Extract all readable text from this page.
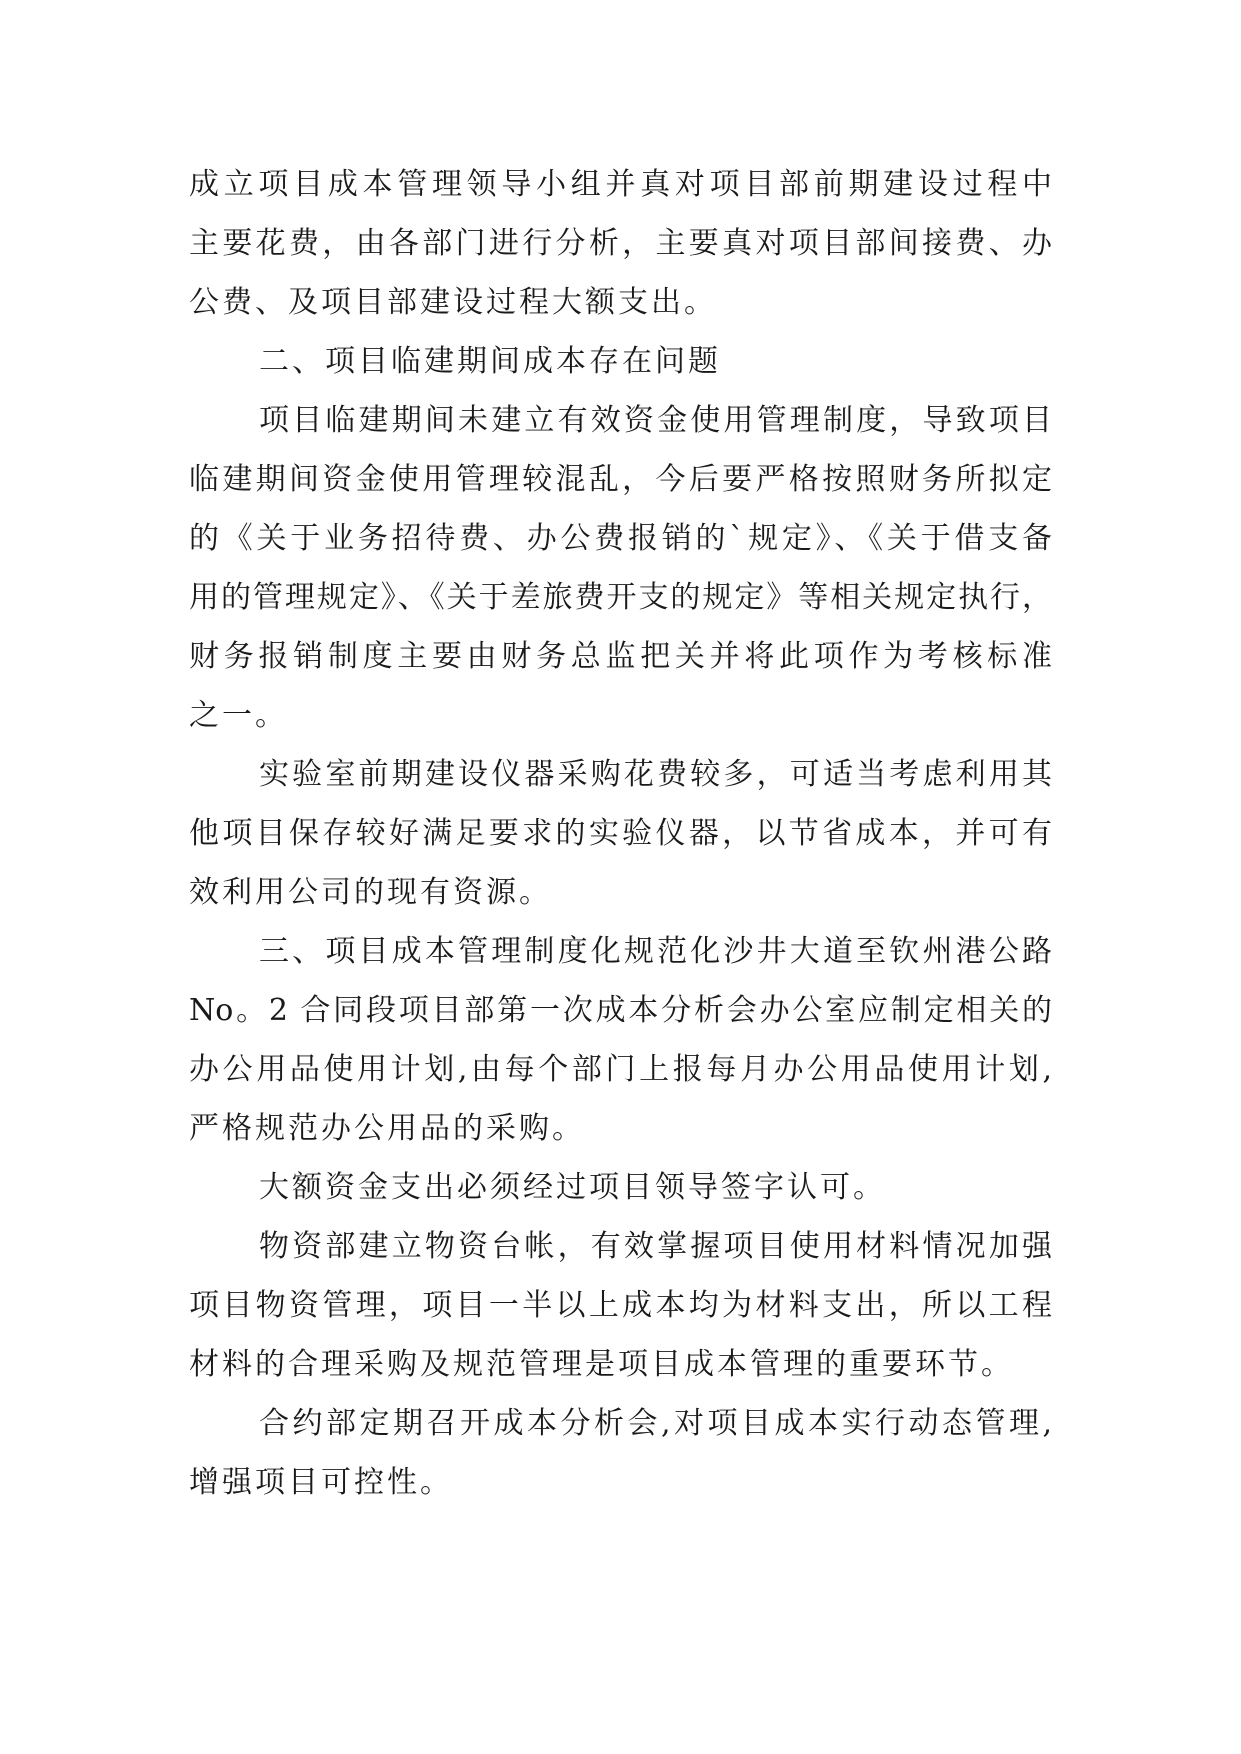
成立项目成本管理领导小组并真对项目部前期建设过程中
主要花费，由各部门进行分析，主要真对项目部间接费、办
公费、及项目部建设过程大额支出。
二、项目临建期间成本存在问题
项目临建期间未建立有效资金使用管理制度，导致项目
临建期间资金使用管理较混乱，今后要严格按照财务所拟定
的《关于业务招待费、办公费报销的`规定》、《关于借支备
用的管理规定》、《关于差旅费开支的规定》等相关规定执行，
财务报销制度主要由财务总监把关并将此项作为考核标准
之一。
实验室前期建设仪器采购花费较多，可适当考虑利用其
他项目保存较好满足要求的实验仪器，以节省成本，并可有
效利用公司的现有资源。
三、项目成本管理制度化规范化沙井大道至钦州港公路
No。2 合同段项目部第一次成本分析会办公室应制定相关的
办公用品使用计划,由每个部门上报每月办公用品使用计划,
严格规范办公用品的采购。
大额资金支出必须经过项目领导签字认可。
物资部建立物资台帐，有效掌握项目使用材料情况加强
项目物资管理，项目一半以上成本均为材料支出，所以工程
材料的合理采购及规范管理是项目成本管理的重要环节。
合约部定期召开成本分析会,对项目成本实行动态管理,
增强项目可控性。
